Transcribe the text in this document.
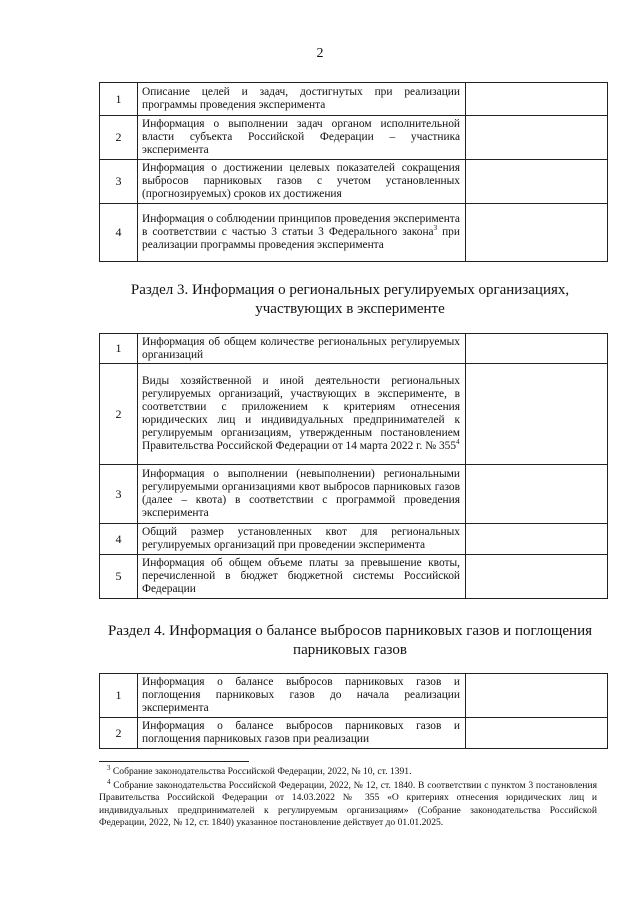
2
1	Описание целей и задач, достигнутых при реализации программы проведения эксперимента	
2	Информация о выполнении задач органом исполнительной власти субъекта Российской Федерации – участника эксперимента	
3	Информация о достижении целевых показателей сокращения выбросов парниковых газов с учетом установленных (прогнозируемых) сроков их достижения	
4	Информация о соблюдении принципов проведения эксперимента в соответствии с частью 3 статьи 3 Федерального закона$^3$ при реализации программы проведения эксперимента	
Раздел 3. Информация о региональных регулируемых организациях, участвующих в эксперименте
1	Информация об общем количестве региональных регулируемых организаций	
2	Виды хозяйственной и иной деятельности региональных регулируемых организаций, участвующих в эксперименте, в соответствии с приложением к критериям отнесения юридических лиц и индивидуальных предпринимателей к регулируемым организациям, утвержденным постановлением Правительства Российской Федерации от 14 марта 2022 г. № $355^4$	
3	Информация о выполнении (невыполнении) региональными регулируемыми организациями квот выбросов парниковых газов (далее – квота) в соответствии с программой проведения эксперимента	
4	Общий размер установленных квот для региональных регулируемых организаций при проведении эксперимента	
5	Информация об общем объеме платы за превышение квоты, перечисленной в бюджет бюджетной системы Российской Федерации	
Раздел 4. Информация о балансе выбросов парниковых газов и поглощения парниковых газов
1	Информация о балансе выбросов парниковых газов и поглощения парниковых газов до начала реализации эксперимента	
2	Информация о балансе выбросов парниковых газов и поглощения парниковых газов при реализации	

$^3$ Собрание законодательства Российской Федерации, 2022, № 10, ст. 1391.

$^4$ Собрание законодательства Российской Федерации, 2022, № 12, ст. 1840. В соответствии с пунктом 3 постановления Правительства Российской Федерации от 14.03.2022 № 355 «О критериях отнесения юридических лиц и индивидуальных предпринимателей к регулируемым организациям» (Собрание законодательства Российской Федерации, 2022, № 12, ст. 1840) указанное постановление действует до 01.01.2025.
